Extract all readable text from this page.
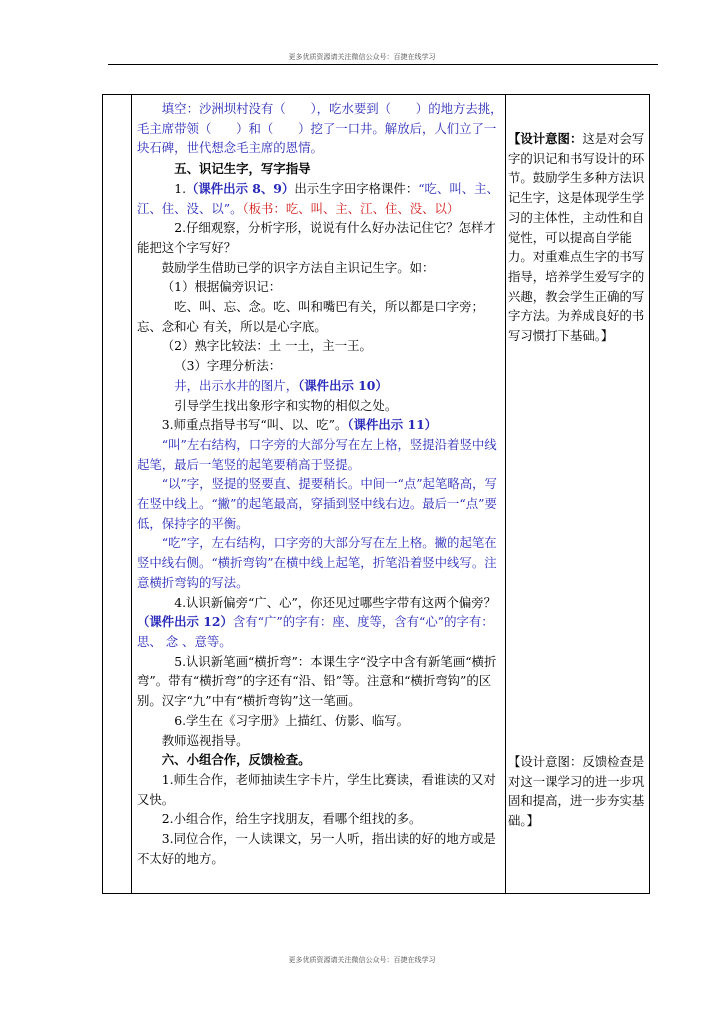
更多优质资源请关注微信公众号：百捷在线学习

填空：沙洲坝村没有（　　），吃水要到（　　）的地方去挑，毛主席带领（　　）和（　　）挖了一口井。解放后，人们立了一块石碑，世代想念毛主席的恩情。

五、识记生字，写字指导

1.（课件出示 8、9）出示生字田字格课件：“吃、叫、主、江、住、没、以”。（板书：吃、叫、主、江、住、没、以）

2.仔细观察，分析字形，说说有什么好办法记住它？怎样才能把这个字写好？

鼓励学生借助已学的识字方法自主识记生字。如：

（1）根据偏旁识记：

吃、叫、忘、念。吃、叫和嘴巴有关，所以都是口字旁；忘、念和心 有关，所以是心字底。

（2）熟字比较法：土 一土，主一王。

（3）字理分析法：

井，出示水井的图片，（课件出示 10）

引导学生找出象形字和实物的相似之处。

3.师重点指导书写“叫、以、吃”。（课件出示 11）

“叫”左右结构，口字旁的大部分写在左上格，竖提沿着竖中线起笔，最后一笔竖的起笔要稍高于竖提。

“以”字，竖提的竖要直、提要稍长。中间一“点”起笔略高，写在竖中线上。“撇”的起笔最高，穿插到竖中线右边。最后一“点”要 低，保持字的平衡。

“吃”字，左右结构，口字旁的大部分写在左上格。撇的起笔在竖中线右侧。“横折弯钩”在横中线上起笔，折笔沿着竖中线写。注意横折弯钩的写法。

4.认识新偏旁“广、心”，你还见过哪些字带有这两个偏旁？（课件出示 12）含有“广”的字有：座、度等，含有“心”的字有：思、 念 、意等。

5.认识新笔画“横折弯”：本课生字“没字中含有新笔画“横折弯”。带有“横折弯”的字还有“沿、铅”等。注意和“横折弯钩”的区别。汉字“九”中有“横折弯钩”这一笔画。

6.学生在《习字册》上描红、仿影、临写。

教师巡视指导。

六、小组合作，反馈检查。

1.师生合作，老师抽读生字卡片，学生比赛读，看谁读的又对又快。

2.小组合作，给生字找朋友，看哪个组找的多。

3.同位合作，一人读课文，另一人听，指出读的好的地方或是不太好的地方。

【设计意图：这是对会写字的识记和书写设计的环节。鼓励学生多种方法识记生字，这是体现学生学习的主体性，主动性和自觉性，可以提高自学能力。对重难点生字的书写指导，培养学生爱写字的兴趣，教会学生正确的写字方法。为养成良好的书写习惯打下基础。】

【设计意图：反馈检查是对这一课学习的进一步巩固和提高，进一步夯实基础。】

更多优质资源请关注微信公众号：百捷在线学习
